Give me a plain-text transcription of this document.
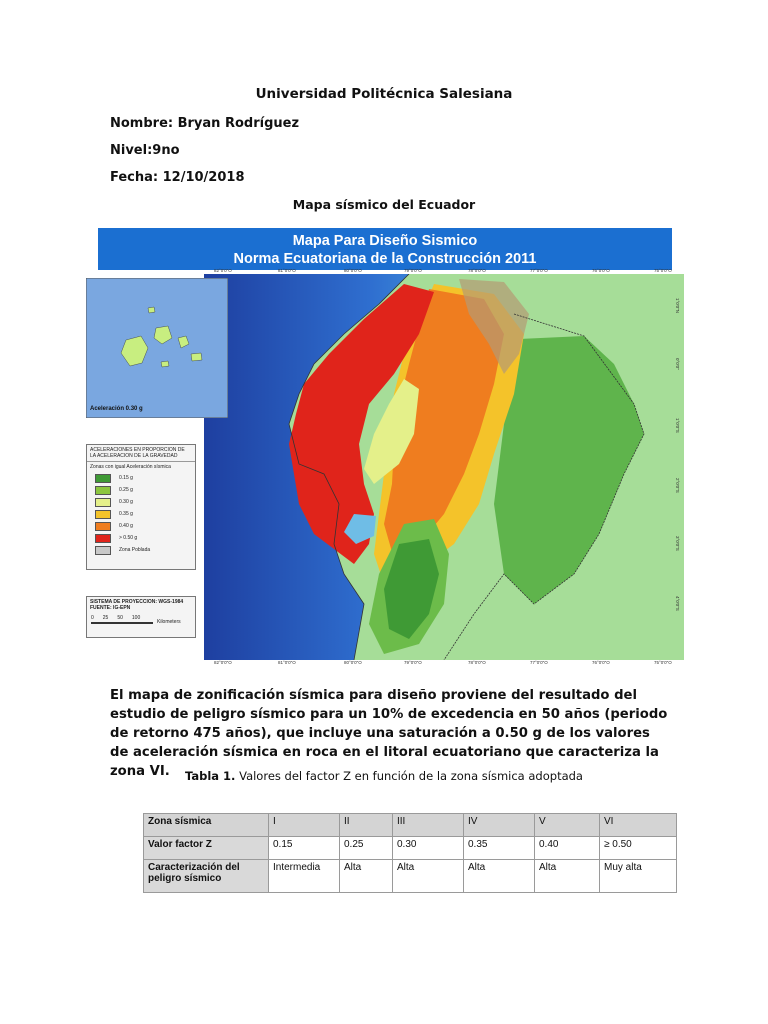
Universidad Politécnica Salesiana
Nombre: Bryan Rodríguez
Nivel:9no
Fecha: 12/10/2018
Mapa sísmico del Ecuador
Mapa Para Diseño Sismico
Norma Ecuatoriana de la Construcción 2011
Aceleración 0.30 g
ACELERACIONES EN PROPORCION DE LA ACELERACION DE LA GRAVEDAD
Zonas con igual Aceleración sísmica
0.15 g
0.25 g
0.30 g
0.35 g
0.40 g
> 0.50 g
Zona Poblada
SISTEMA DE PROYECCION: WGS-1984
FUENTE: IG-EPN
0 25 50 100
Kilometers
82°0'0"O
82°0'0"O
81°0'0"O
81°0'0"O
80°0'0"O
80°0'0"O
79°0'0"O
79°0'0"O
78°0'0"O
78°0'0"O
77°0'0"O
77°0'0"O
76°0'0"O
76°0'0"O
75°0'0"O
75°0'0"O
1°0'0"N
0°0'0"
1°0'0"S
2°0'0"S
3°0'0"S
4°0'0"S
El mapa de zonificación sísmica para diseño proviene del resultado del estudio de peligro sísmico para un 10% de excedencia en 50 años (periodo de retorno 475 años), que incluye una saturación a 0.50 g de los valores de aceleración sísmica en roca en el litoral ecuatoriano que caracteriza la zona VI.	Tabla 1. Valores del factor Z en función de la zona sísmica adoptada
Zona sísmica	I	II	III	IV	V	VI
Valor factor Z	0.15	0.25	0.30	0.35	0.40	≥ 0.50
Caracterización del peligro sísmico	Intermedia	Alta	Alta	Alta	Alta	Muy alta
